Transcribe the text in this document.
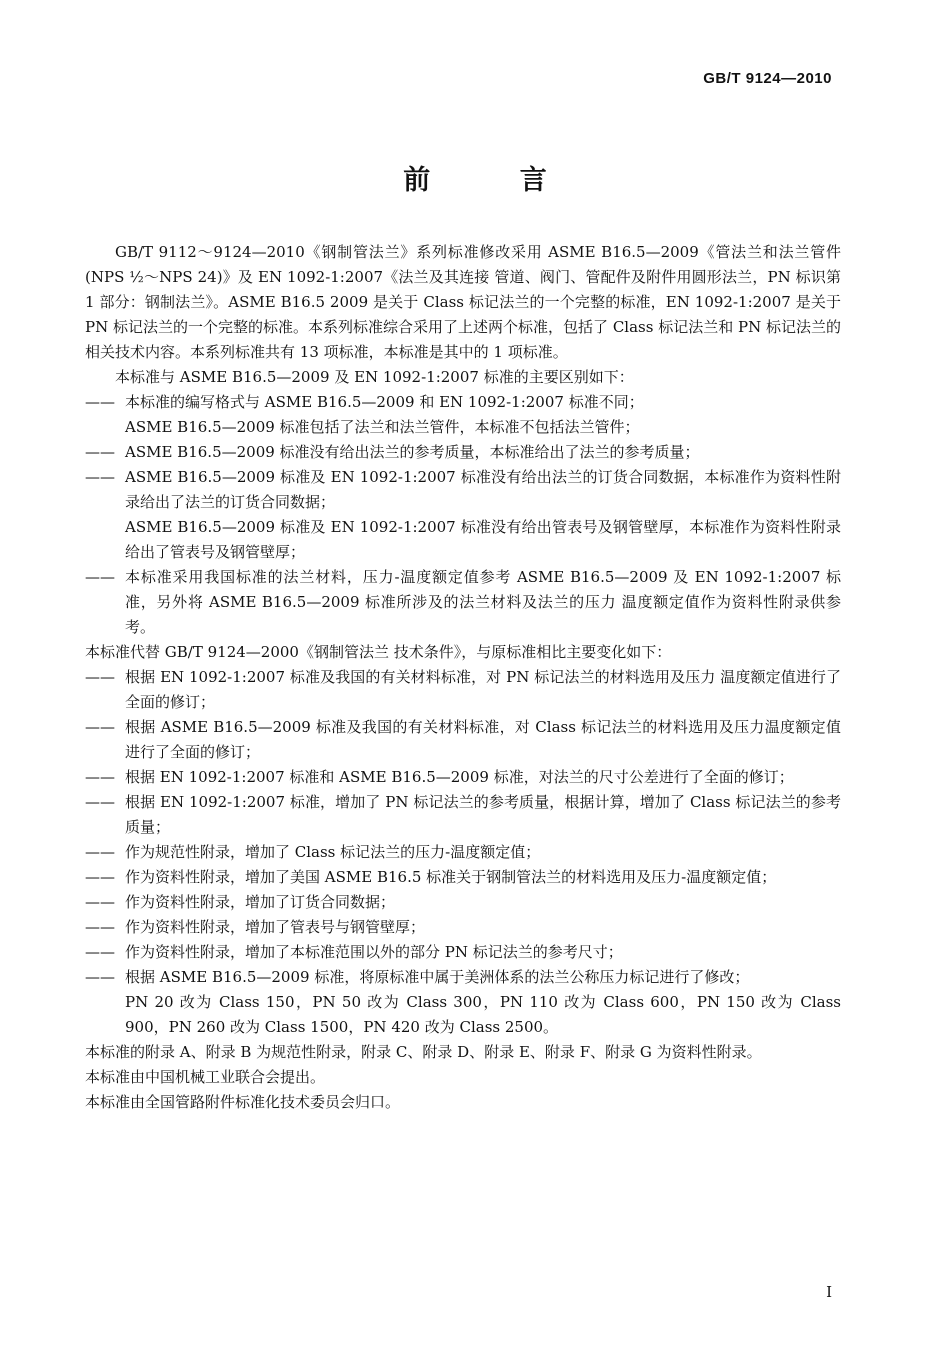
GB/T 9124—2010
前 言

GB/T 9112～9124—2010《钢制管法兰》系列标准修改采用 ASME B16.5—2009《管法兰和法兰管件(NPS ½～NPS 24)》及 EN 1092-1:2007《法兰及其连接 管道、阀门、管配件及附件用圆形法兰，PN 标识第 1 部分：钢制法兰》。ASME B16.5 2009 是关于 Class 标记法兰的一个完整的标准，EN 1092-1:2007 是关于 PN 标记法兰的一个完整的标准。本系列标准综合采用了上述两个标准，包括了 Class 标记法兰和 PN 标记法兰的相关技术内容。本系列标准共有 13 项标准，本标准是其中的 1 项标准。

本标准与 ASME B16.5—2009 及 EN 1092-1:2007 标准的主要区别如下：

—— 本标准的编写格式与 ASME B16.5—2009 和 EN 1092-1:2007 标准不同；

ASME B16.5—2009 标准包括了法兰和法兰管件，本标准不包括法兰管件；

—— ASME B16.5—2009 标准没有给出法兰的参考质量，本标准给出了法兰的参考质量；
—— ASME B16.5—2009 标准及 EN 1092-1:2007 标准没有给出法兰的订货合同数据，本标准作为资料性附录给出了法兰的订货合同数据；

ASME B16.5—2009 标准及 EN 1092-1:2007 标准没有给出管表号及钢管壁厚，本标准作为资料性附录给出了管表号及钢管壁厚；

—— 本标准采用我国标准的法兰材料，压力-温度额定值参考 ASME B16.5—2009 及 EN 1092-1:2007 标准，另外将 ASME B16.5—2009 标准所涉及的法兰材料及法兰的压力 温度额定值作为资料性附录供参考。

本标准代替 GB/T 9124—2000《钢制管法兰 技术条件》，与原标准相比主要变化如下：

—— 根据 EN 1092-1:2007 标准及我国的有关材料标准，对 PN 标记法兰的材料选用及压力 温度额定值进行了全面的修订；
—— 根据 ASME B16.5—2009 标准及我国的有关材料标准，对 Class 标记法兰的材料选用及压力温度额定值进行了全面的修订；
—— 根据 EN 1092-1:2007 标准和 ASME B16.5—2009 标准，对法兰的尺寸公差进行了全面的修订；
—— 根据 EN 1092-1:2007 标准，增加了 PN 标记法兰的参考质量，根据计算，增加了 Class 标记法兰的参考质量；
—— 作为规范性附录，增加了 Class 标记法兰的压力-温度额定值；
—— 作为资料性附录，增加了美国 ASME B16.5 标准关于钢制管法兰的材料选用及压力-温度额定值；
—— 作为资料性附录，增加了订货合同数据；
—— 作为资料性附录，增加了管表号与钢管壁厚；
—— 作为资料性附录，增加了本标准范围以外的部分 PN 标记法兰的参考尺寸；
—— 根据 ASME B16.5—2009 标准，将原标准中属于美洲体系的法兰公称压力标记进行了修改；

PN 20 改为 Class 150，PN 50 改为 Class 300，PN 110 改为 Class 600，PN 150 改为 Class 900，PN 260 改为 Class 1500，PN 420 改为 Class 2500。

本标准的附录 A、附录 B 为规范性附录，附录 C、附录 D、附录 E、附录 F、附录 G 为资料性附录。

本标准由中国机械工业联合会提出。

本标准由全国管路附件标准化技术委员会归口。

I
